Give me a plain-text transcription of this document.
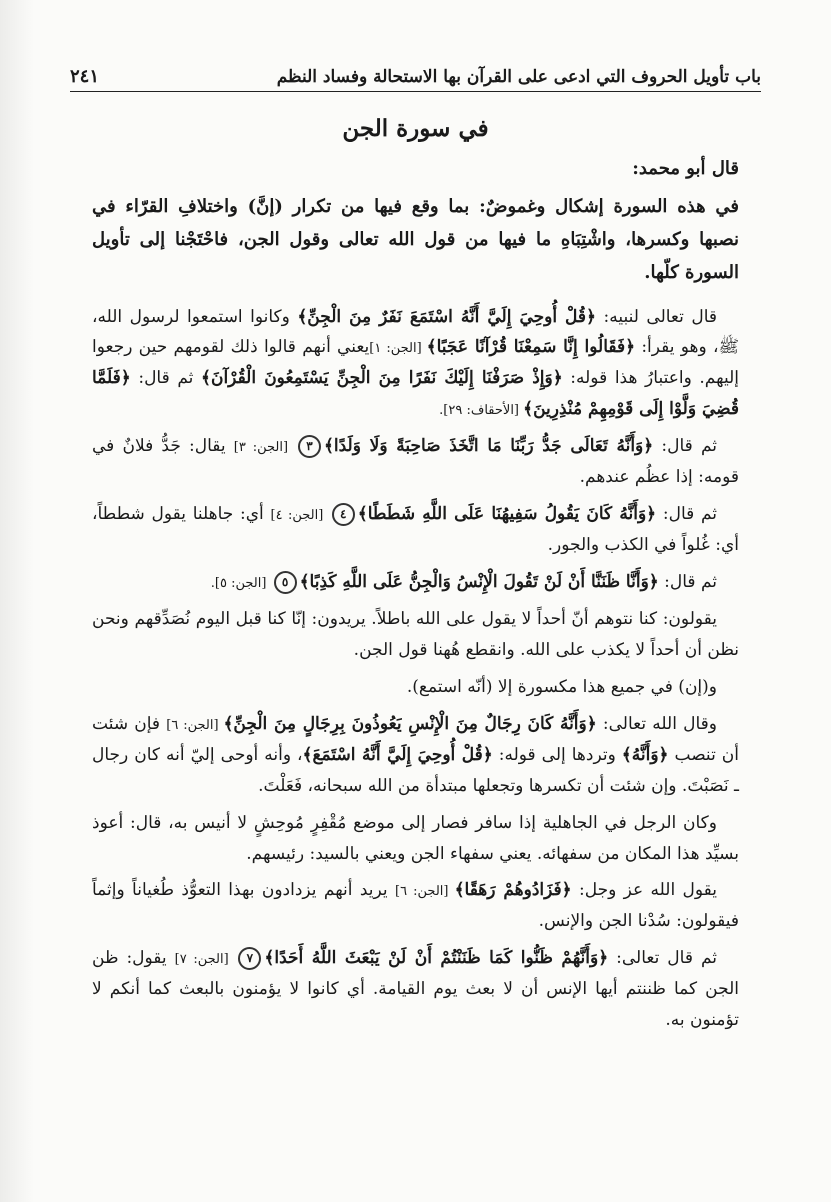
باب تأويل الحروف التي ادعى على القرآن بها الاستحالة وفساد النظم
٢٤١
في سورة الجن
قال أبو محمد:
في هذه السورة إشكال وغموضٌ: بما وقع فيها من تكرار (إنَّ) واختلافِ القرّاء في نصبها وكسرها، واشْتِبَاهِ ما فيها من قول الله تعالى وقول الجن، فاحْتَجْنا إلى تأويل السورة كلّها.

قال تعالى لنبيه: ﴿قُلْ أُوحِيَ إِلَيَّ أَنَّهُ اسْتَمَعَ نَفَرٌ مِنَ الْجِنِّ﴾ وكانوا استمعوا لرسول الله، ﷺ، وهو يقرأ: ﴿فَقَالُوا إِنَّا سَمِعْنَا قُرْآنًا عَجَبًا﴾ [الجن: ١]يعني أنهم قالوا ذلك لقومهم حين رجعوا إليهم. واعتبارُ هذا قوله: ﴿وَإِذْ صَرَفْنَا إِلَيْكَ نَفَرًا مِنَ الْجِنِّ يَسْتَمِعُونَ الْقُرْآنَ﴾ ثم قال: ﴿فَلَمَّا قُضِيَ وَلَّوْا إِلَى قَوْمِهِمْ مُنْذِرِينَ﴾ [الأحقاف: ٢٩].

ثم قال: ﴿وَأَنَّهُ تَعَالَى جَدُّ رَبِّنَا مَا اتَّخَذَ صَاحِبَةً وَلَا وَلَدًا﴾٣ [الجن: ٣] يقال: جَدُّ فلانٌ في قومه: إذا عظُم عندهم.

ثم قال: ﴿وَأَنَّهُ كَانَ يَقُولُ سَفِيهُنَا عَلَى اللَّهِ شَطَطًا﴾٤ [الجن: ٤] أي: جاهلنا يقول شططاً، أي: غُلواً في الكذب والجور.

ثم قال: ﴿وَأَنَّا ظَنَنَّا أَنْ لَنْ تَقُولَ الْإِنْسُ وَالْجِنُّ عَلَى اللَّهِ كَذِبًا﴾٥ [الجن: ٥].

يقولون: كنا نتوهم أنّ أحداً لا يقول على الله باطلاً. يريدون: إنّا كنا قبل اليوم نُصَدِّقهم ونحن نظن أن أحداً لا يكذب على الله. وانقطع هُهنا قول الجن.

و(إن) في جميع هذا مكسورة إلا (أنّه استمع).

وقال الله تعالى: ﴿وَأَنَّهُ كَانَ رِجَالٌ مِنَ الْإِنْسِ يَعُوذُونَ بِرِجَالٍ مِنَ الْجِنِّ﴾ [الجن: ٦] فإن شئت أن تنصب ﴿وَأَنَّهُ﴾ وتردها إلى قوله: ﴿قُلْ أُوحِيَ إِلَيَّ أَنَّهُ اسْتَمَعَ﴾، وأنه أوحى إليّ أنه كان رجال ـ نَصَبْتَ. وإن شئت أن تكسرها وتجعلها مبتدأة من الله سبحانه، فَعَلْتَ.

وكان الرجل في الجاهلية إذا سافر فصار إلى موضع مُقْفِرٍ مُوحِشٍ لا أنيس به، قال: أعوذ بسيِّد هذا المكان من سفهائه. يعني سفهاء الجن ويعني بالسيد: رئيسهم.

يقول الله عز وجل: ﴿فَزَادُوهُمْ رَهَقًا﴾ [الجن: ٦] يريد أنهم يزدادون بهذا التعوُّذ طُغياناً وإثماً فيقولون: سُدْنا الجن والإنس.

ثم قال تعالى: ﴿وَأَنَّهُمْ ظَنُّوا كَمَا ظَنَنْتُمْ أَنْ لَنْ يَبْعَثَ اللَّهُ أَحَدًا﴾٧ [الجن: ٧] يقول: ظن الجن كما ظننتم أيها الإنس أن لا بعث يوم القيامة. أي كانوا لا يؤمنون بالبعث كما أنكم لا تؤمنون به.
